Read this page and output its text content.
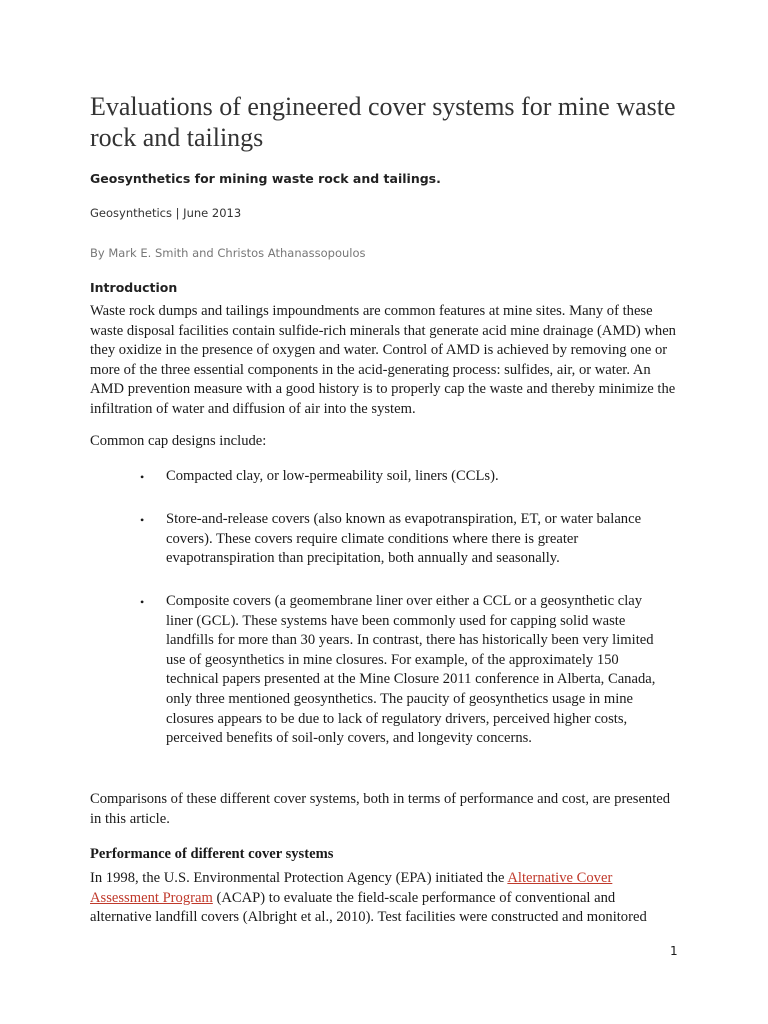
Evaluations of engineered cover systems for mine waste rock and tailings

Geosynthetics for mining waste rock and tailings.

Geosynthetics | June 2013

By Mark E. Smith and Christos Athanassopoulos

Introduction

Waste rock dumps and tailings impoundments are common features at mine sites. Many of these waste disposal facilities contain sulfide-rich minerals that generate acid mine drainage (AMD) when they oxidize in the presence of oxygen and water. Control of AMD is achieved by removing one or more of the three essential components in the acid-generating process: sulfides, air, or water. An AMD prevention measure with a good history is to properly cap the waste and thereby minimize the infiltration of water and diffusion of air into the system.

Common cap designs include:

• Compacted clay, or low-permeability soil, liners (CCLs).

• Store-and-release covers (also known as evapotranspiration, ET, or water balance covers). These covers require climate conditions where there is greater evapotranspiration than precipitation, both annually and seasonally.

• Composite covers (a geomembrane liner over either a CCL or a geosynthetic clay liner (GCL). These systems have been commonly used for capping solid waste landfills for more than 30 years. In contrast, there has historically been very limited use of geosynthetics in mine closures. For example, of the approximately 150 technical papers presented at the Mine Closure 2011 conference in Alberta, Canada, only three mentioned geosynthetics. The paucity of geosynthetics usage in mine closures appears to be due to lack of regulatory drivers, perceived higher costs, perceived benefits of soil-only covers, and longevity concerns.

Comparisons of these different cover systems, both in terms of performance and cost, are presented in this article.

Performance of different cover systems

In 1998, the U.S. Environmental Protection Agency (EPA) initiated the Alternative Cover Assessment Program (ACAP) to evaluate the field-scale performance of conventional and alternative landfill covers (Albright et al., 2010). Test facilities were constructed and monitored

1
